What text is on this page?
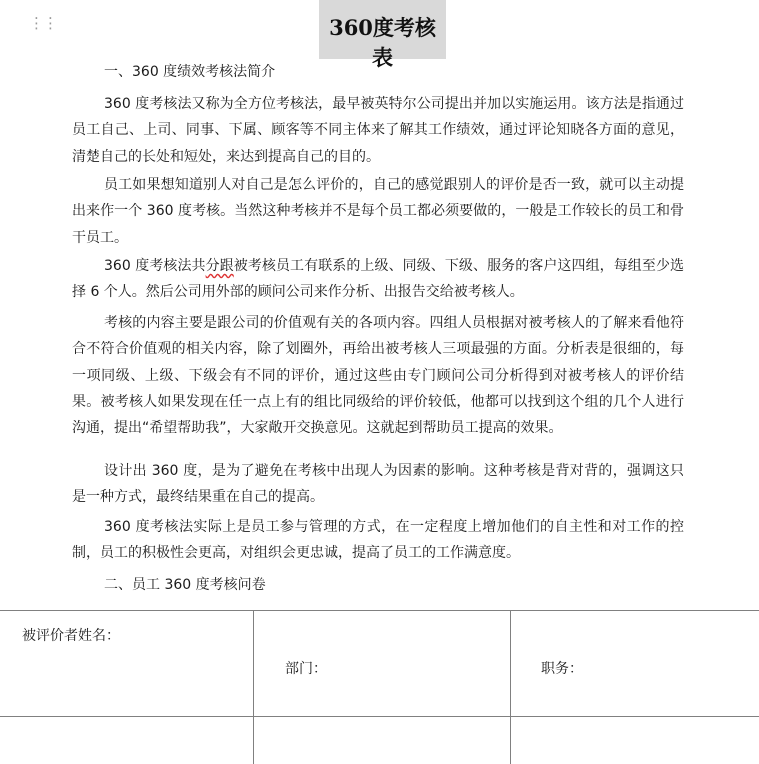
⋮⋮	360度考核表
一、360 度绩效考核法简介
360 度考核法又称为全方位考核法，最早被英特尔公司提出并加以实施运用。该方法是指通过员工自己、上司、同事、下属、顾客等不同主体来了解其工作绩效，通过评论知晓各方面的意见，清楚自己的长处和短处，来达到提高自己的目的。
员工如果想知道别人对自己是怎么评价的，自己的感觉跟别人的评价是否一致，就可以主动提出来作一个 360 度考核。当然这种考核并不是每个员工都必须要做的，一般是工作较长的员工和骨干员工。
360 度考核法共分跟被考核员工有联系的上级、同级、下级、服务的客户这四组，每组至少选择 6 个人。然后公司用外部的顾问公司来作分析、出报告交给被考核人。
考核的内容主要是跟公司的价值观有关的各项内容。四组人员根据对被考核人的了解来看他符合不符合价值观的相关内容，除了划圈外，再给出被考核人三项最强的方面。分析表是很细的，每一项同级、上级、下级会有不同的评价，通过这些由专门顾问公司分析得到对被考核人的评价结果。被考核人如果发现在任一点上有的组比同级给的评价较低，他都可以找到这个组的几个人进行沟通，提出“希望帮助我”，大家敞开交换意见。这就起到帮助员工提高的效果。
设计出 360 度，是为了避免在考核中出现人为因素的影响。这种考核是背对背的，强调这只是一种方式，最终结果重在自己的提高。
360 度考核法实际上是员工参与管理的方式，在一定程度上增加他们的自主性和对工作的控制，员工的积极性会更高，对组织会更忠诚，提高了员工的工作满意度。
二、员工 360 度考核问卷
被评价者姓名：
部门：	职务：
